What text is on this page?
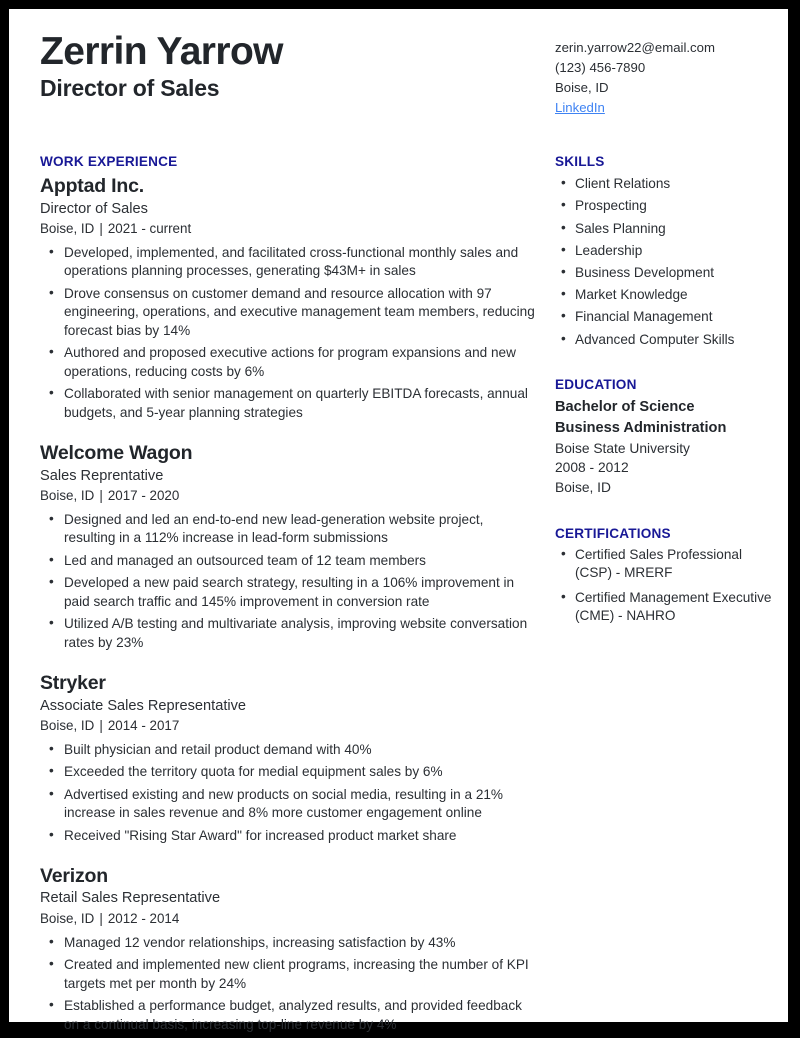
Zerrin Yarrow
Director of Sales
zerin.yarrow22@email.com
(123) 456-7890
Boise, ID
LinkedIn
WORK EXPERIENCE
Apptad Inc.
Director of Sales
Boise, ID | 2021 - current
• Developed, implemented, and facilitated cross-functional monthly sales and operations planning processes, generating $43M+ in sales
• Drove consensus on customer demand and resource allocation with 97 engineering, operations, and executive management team members, reducing forecast bias by 14%
• Authored and proposed executive actions for program expansions and new operations, reducing costs by 6%
• Collaborated with senior management on quarterly EBITDA forecasts, annual budgets, and 5-year planning strategies
Welcome Wagon
Sales Reprentative
Boise, ID | 2017 - 2020
• Designed and led an end-to-end new lead-generation website project, resulting in a 112% increase in lead-form submissions
• Led and managed an outsourced team of 12 team members
• Developed a new paid search strategy, resulting in a 106% improvement in paid search traffic and 145% improvement in conversion rate
• Utilized A/B testing and multivariate analysis, improving website conversation rates by 23%
Stryker
Associate Sales Representative
Boise, ID | 2014 - 2017
• Built physician and retail product demand with 40%
• Exceeded the territory quota for medial equipment sales by 6%
• Advertised existing and new products on social media, resulting in a 21% increase in sales revenue and 8% more customer engagement online
• Received "Rising Star Award" for increased product market share
Verizon
Retail Sales Representative
Boise, ID | 2012 - 2014
• Managed 12 vendor relationships, increasing satisfaction by 43%
• Created and implemented new client programs, increasing the number of KPI targets met per month by 24%
• Established a performance budget, analyzed results, and provided feedback on a continual basis, increasing top-line revenue by 4%
SKILLS
• Client Relations
• Prospecting
• Sales Planning
• Leadership
• Business Development
• Market Knowledge
• Financial Management
• Advanced Computer Skills
EDUCATION
Bachelor of Science
Business Administration
Boise State University
2008 - 2012
Boise, ID
CERTIFICATIONS
• Certified Sales Professional (CSP) - MRERF
• Certified Management Executive (CME) - NAHRO
